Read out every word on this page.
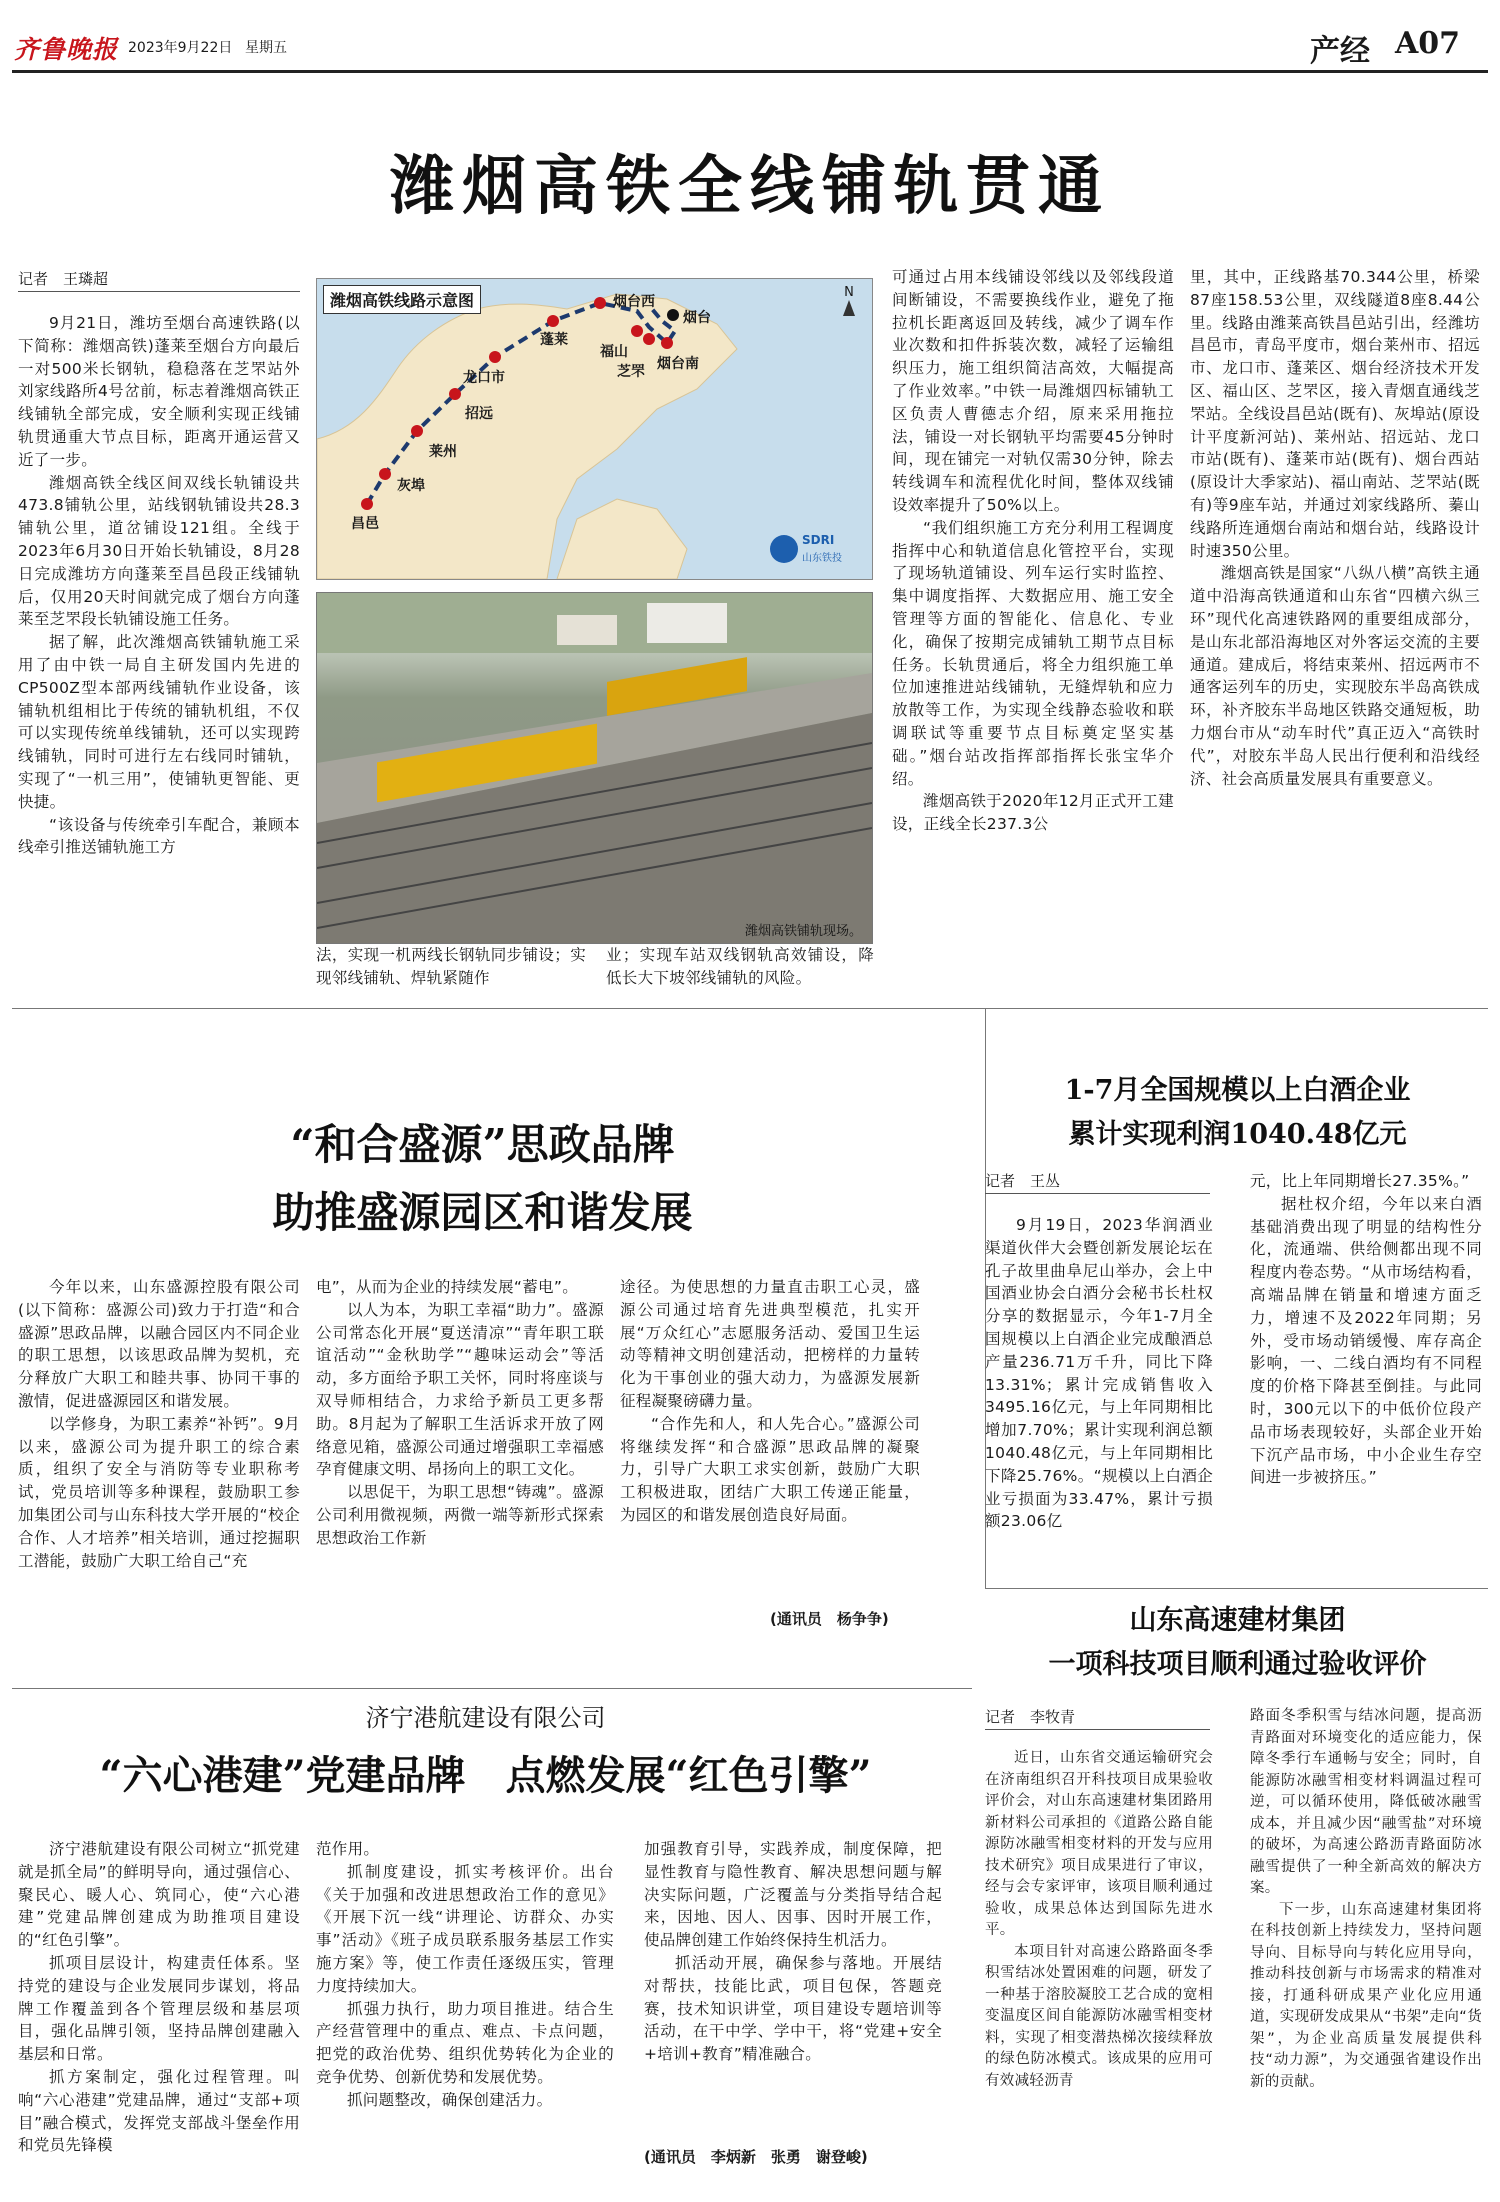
齐鲁晚报 2023年9月22日 星期五	产经 A07
潍烟高铁全线铺轨贯通
记者　王璘超

9月21日，潍坊至烟台高速铁路(以下简称：潍烟高铁)蓬莱至烟台方向最后一对500米长钢轨，稳稳落在芝罘站外刘家线路所4号岔前，标志着潍烟高铁正线铺轨全部完成，安全顺利实现正线铺轨贯通重大节点目标，距离开通运营又近了一步。

潍烟高铁全线区间双线长轨铺设共473.8铺轨公里，站线钢轨铺设共28.3铺轨公里，道岔铺设121组。全线于2023年6月30日开始长轨铺设，8月28日完成潍坊方向蓬莱至昌邑段正线铺轨后，仅用20天时间就完成了烟台方向蓬莱至芝罘段长轨铺设施工任务。

据了解，此次潍烟高铁铺轨施工采用了由中铁一局自主研发国内先进的CP500Z型本部两线铺轨作业设备，该铺轨机组相比于传统的铺轨机组，不仅可以实现传统单线铺轨，还可以实现跨线铺轨，同时可进行左右线同时铺轨，实现了“一机三用”，使铺轨更智能、更快捷。

“该设备与传统牵引车配合，兼顾本线牵引推送铺轨施工方

潍烟高铁线路示意图	N
烟台西
蓬莱
龙口市
烟台
福山
芝罘 烟台南
招远
莱州
灰埠
昌邑
SDRI
山东铁投
潍烟高铁铺轨现场。

法，实现一机两线长钢轨同步铺设；实现邻线铺轨、焊轨紧随作

业；实现车站双线钢轨高效铺设，降低长大下坡邻线铺轨的风险。

可通过占用本线铺设邻线以及邻线段道间断铺设，不需要换线作业，避免了拖拉机长距离返回及转线，减少了调车作业次数和扣件拆装次数，减轻了运输组织压力，施工组织简洁高效，大幅提高了作业效率。”中铁一局潍烟四标铺轨工区负责人曹德志介绍，原来采用拖拉法，铺设一对长钢轨平均需要45分钟时间，现在铺完一对轨仅需30分钟，除去转线调车和流程优化时间，整体双线铺设效率提升了50%以上。

“我们组织施工方充分利用工程调度指挥中心和轨道信息化管控平台，实现了现场轨道铺设、列车运行实时监控、集中调度指挥、大数据应用、施工安全管理等方面的智能化、信息化、专业化，确保了按期完成铺轨工期节点目标任务。长轨贯通后，将全力组织施工单位加速推进站线铺轨，无缝焊轨和应力放散等工作，为实现全线静态验收和联调联试等重要节点目标奠定坚实基础。”烟台站改指挥部指挥长张宝华介绍。

潍烟高铁于2020年12月正式开工建设，正线全长237.3公

里，其中，正线路基70.344公里，桥梁87座158.53公里，双线隧道8座8.44公里。线路由潍莱高铁昌邑站引出，经潍坊昌邑市，青岛平度市，烟台莱州市、招远市、龙口市、蓬莱区、烟台经济技术开发区、福山区、芝罘区，接入青烟直通线芝罘站。全线设昌邑站(既有)、灰埠站(原设计平度新河站)、莱州站、招远站、龙口市站(既有)、蓬莱市站(既有)、烟台西站(原设计大季家站)、福山南站、芝罘站(既有)等9座车站，并通过刘家线路所、蓁山线路所连通烟台南站和烟台站，线路设计时速350公里。

潍烟高铁是国家“八纵八横”高铁主通道中沿海高铁通道和山东省“四横六纵三环”现代化高速铁路网的重要组成部分，是山东北部沿海地区对外客运交流的主要通道。建成后，将结束莱州、招远两市不通客运列车的历史，实现胶东半岛高铁成环，补齐胶东半岛地区铁路交通短板，助力烟台市从“动车时代”真正迈入“高铁时代”，对胶东半岛人民出行便利和沿线经济、社会高质量发展具有重要意义。

“和合盛源”思政品牌
助推盛源园区和谐发展

今年以来，山东盛源控股有限公司(以下简称：盛源公司)致力于打造“和合盛源”思政品牌，以融合园区内不同企业的职工思想，以该思政品牌为契机，充分释放广大职工和睦共事、协同干事的激情，促进盛源园区和谐发展。

以学修身，为职工素养“补钙”。9月以来，盛源公司为提升职工的综合素质，组织了安全与消防等专业职称考试，党员培训等多种课程，鼓励职工参加集团公司与山东科技大学开展的“校企合作、人才培养”相关培训，通过挖掘职工潜能，鼓励广大职工给自己“充

电”，从而为企业的持续发展“蓄电”。

以人为本，为职工幸福“助力”。盛源公司常态化开展“夏送清凉”“青年职工联谊活动”“金秋助学”“趣味运动会”等活动，多方面给予职工关怀，同时将座谈与双导师相结合，力求给予新员工更多帮助。8月起为了解职工生活诉求开放了网络意见箱，盛源公司通过增强职工幸福感孕育健康文明、昂扬向上的职工文化。

以思促干，为职工思想“铸魂”。盛源公司利用微视频，两微一端等新形式探索思想政治工作新

途径。为使思想的力量直击职工心灵，盛源公司通过培育先进典型模范，扎实开展“万众红心”志愿服务活动、爱国卫生运动等精神文明创建活动，把榜样的力量转化为干事创业的强大动力，为盛源发展新征程凝聚磅礴力量。

“合作先和人，和人先合心。”盛源公司将继续发挥“和合盛源”思政品牌的凝聚力，引导广大职工求实创新，鼓励广大职工积极进取，团结广大职工传递正能量，为园区的和谐发展创造良好局面。

(通讯员　杨争争)
1-7月全国规模以上白酒企业
累计实现利润1040.48亿元
记者　王丛

9月19日，2023华润酒业渠道伙伴大会暨创新发展论坛在孔子故里曲阜尼山举办，会上中国酒业协会白酒分会秘书长杜权分享的数据显示，今年1-7月全国规模以上白酒企业完成酿酒总产量236.71万千升，同比下降13.31%；累计完成销售收入3495.16亿元，与上年同期相比增加7.70%；累计实现利润总额1040.48亿元，与上年同期相比下降25.76%。“规模以上白酒企业亏损面为33.47%，累计亏损额23.06亿

元，比上年同期增长27.35%。”

据杜权介绍，今年以来白酒基础消费出现了明显的结构性分化，流通端、供给侧都出现不同程度内卷态势。“从市场结构看，高端品牌在销量和增速方面乏力，增速不及2022年同期；另外，受市场动销缓慢、库存高企影响，一、二线白酒均有不同程度的价格下降甚至倒挂。与此同时，300元以下的中低价位段产品市场表现较好，头部企业开始下沉产品市场，中小企业生存空间进一步被挤压。”

山东高速建材集团
一项科技项目顺利通过验收评价
记者　李牧青

近日，山东省交通运输研究会在济南组织召开科技项目成果验收评价会，对山东高速建材集团路用新材料公司承担的《道路公路自能源防冰融雪相变材料的开发与应用技术研究》项目成果进行了审议，经与会专家评审，该项目顺利通过验收，成果总体达到国际先进水平。

本项目针对高速公路路面冬季积雪结冰处置困难的问题，研发了一种基于溶胶凝胶工艺合成的宽相变温度区间自能源防冰融雪相变材料，实现了相变潜热梯次接续释放的绿色防冰模式。该成果的应用可有效减轻沥青

路面冬季积雪与结冰问题，提高沥青路面对环境变化的适应能力，保障冬季行车通畅与安全；同时，自能源防冰融雪相变材料调温过程可逆，可以循环使用，降低破冰融雪成本，并且减少因“融雪盐”对环境的破坏，为高速公路沥青路面防冰融雪提供了一种全新高效的解决方案。

下一步，山东高速建材集团将在科技创新上持续发力，坚持问题导向、目标导向与转化应用导向，推动科技创新与市场需求的精准对接，打通科研成果产业化应用通道，实现研发成果从“书架”走向“货架”，为企业高质量发展提供科技“动力源”，为交通强省建设作出新的贡献。

济宁港航建设有限公司
“六心港建”党建品牌　点燃发展“红色引擎”

济宁港航建设有限公司树立“抓党建就是抓全局”的鲜明导向，通过强信心、聚民心、暖人心、筑同心，使“六心港建”党建品牌创建成为助推项目建设的“红色引擎”。

抓项目层设计，构建责任体系。坚持党的建设与企业发展同步谋划，将品牌工作覆盖到各个管理层级和基层项目，强化品牌引领，坚持品牌创建融入基层和日常。

抓方案制定，强化过程管理。叫响“六心港建”党建品牌，通过“支部+项目”融合模式，发挥党支部战斗堡垒作用和党员先锋模

范作用。

抓制度建设，抓实考核评价。出台《关于加强和改进思想政治工作的意见》《开展下沉一线“讲理论、访群众、办实事”活动》《班子成员联系服务基层工作实施方案》等，使工作责任逐级压实，管理力度持续加大。

抓强力执行，助力项目推进。结合生产经营管理中的重点、难点、卡点问题，把党的政治优势、组织优势转化为企业的竞争优势、创新优势和发展优势。

抓问题整改，确保创建活力。

加强教育引导，实践养成，制度保障，把显性教育与隐性教育、解决思想问题与解决实际问题，广泛覆盖与分类指导结合起来，因地、因人、因事、因时开展工作，使品牌创建工作始终保持生机活力。

抓活动开展，确保参与落地。开展结对帮扶，技能比武，项目包保，答题竞赛，技术知识讲堂，项目建设专题培训等活动，在干中学、学中干，将“党建+安全+培训+教育”精准融合。

(通讯员　李炳新　张勇　谢登峻)
